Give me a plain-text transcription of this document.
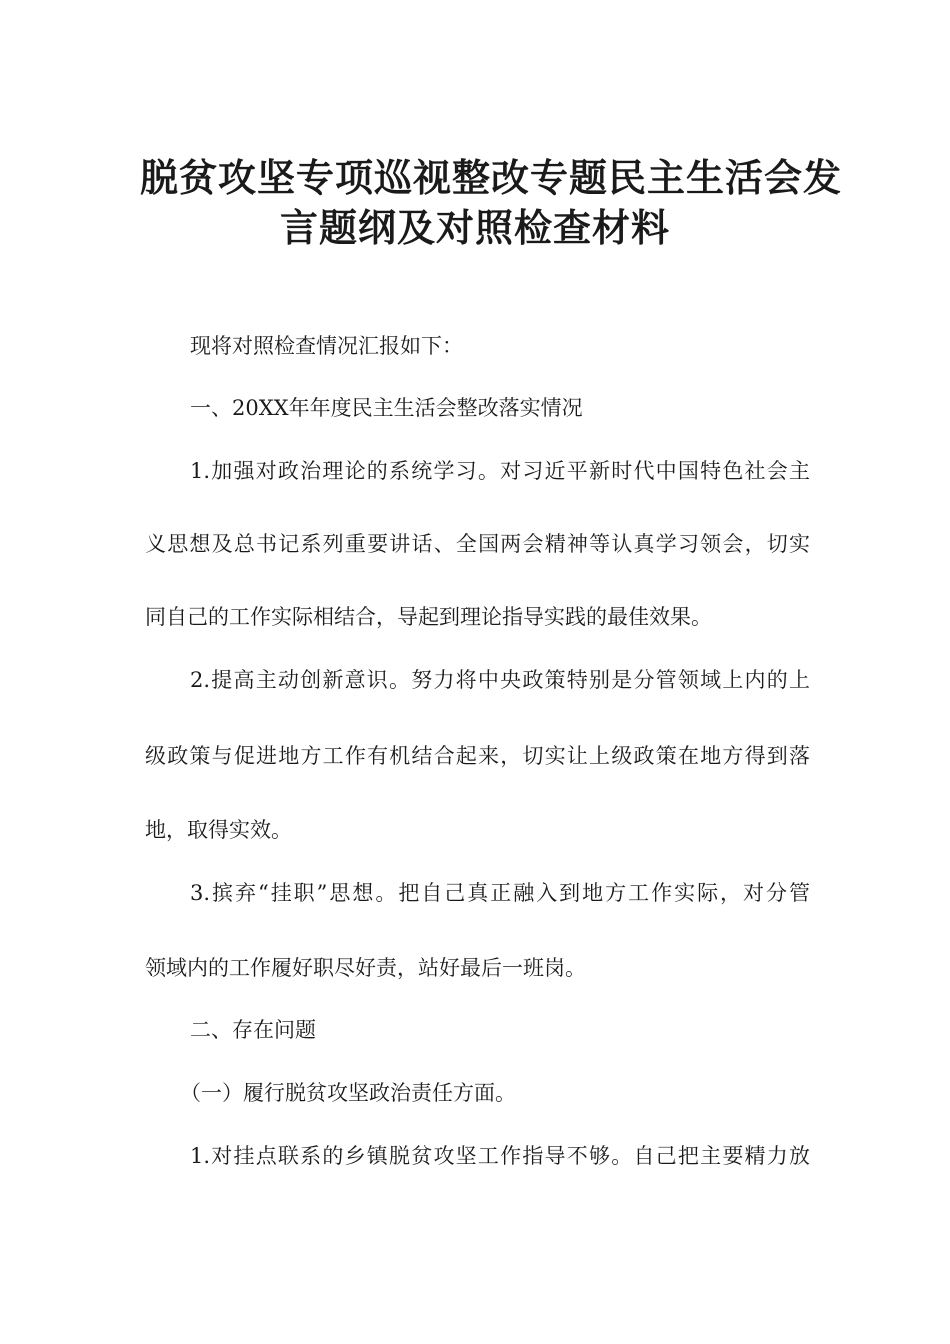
脱贫攻坚专项巡视整改专题民主生活会发
言题纲及对照检查材料
现将对照检查情况汇报如下：
一、20XX年年度民主生活会整改落实情况
1.加强对政治理论的系统学习。对习近平新时代中国特色社会主
义思想及总书记系列重要讲话、全国两会精神等认真学习领会，切实
同自己的工作实际相结合，导起到理论指导实践的最佳效果。
2.提高主动创新意识。努力将中央政策特别是分管领域上内的上
级政策与促进地方工作有机结合起来，切实让上级政策在地方得到落
地，取得实效。
3.摈弃“挂职”思想。把自己真正融入到地方工作实际，对分管
领域内的工作履好职尽好责，站好最后一班岗。
二、存在问题
（一）履行脱贫攻坚政治责任方面。
1.对挂点联系的乡镇脱贫攻坚工作指导不够。自己把主要精力放
